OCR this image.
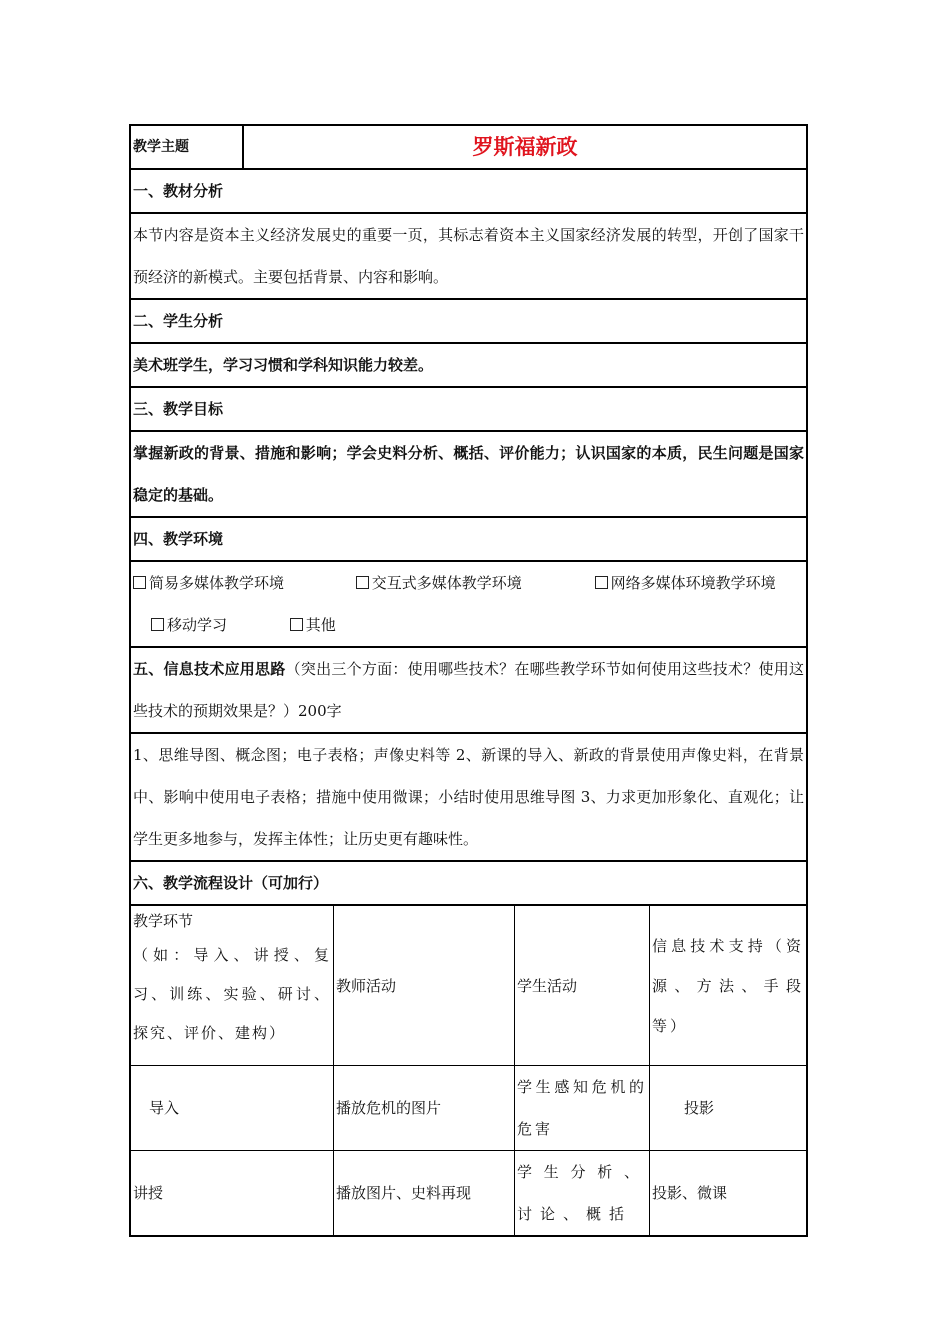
教学主题	罗斯福新政
一、教材分析
本节内容是资本主义经济发展史的重要一页，其标志着资本主义国家经济发展的转型，开创了国家干预经济的新模式。主要包括背景、内容和影响。
二、学生分析
美术班学生，学习习惯和学科知识能力较差。
三、教学目标
掌握新政的背景、措施和影响；学会史料分析、概括、评价能力；认识国家的本质，民生问题是国家稳定的基础。
四、教学环境

简易多媒体教学环境	交互式多媒体教学环境	网络多媒体环境教学环境
移动学习	其他

五、信息技术应用思路（突出三个方面：使用哪些技术？在哪些教学环节如何使用这些技术？使用这些技术的预期效果是？）200字
1、思维导图、概念图；电子表格；声像史料等 2、新课的导入、新政的背景使用声像史料，在背景中、影响中使用电子表格；措施中使用微课；小结时使用思维导图 3、力求更加形象化、直观化；让学生更多地参与，发挥主体性；让历史更有趣味性。
六、教学流程设计（可加行）

教学环节
（如：导入、讲授、复习、训练、实验、研讨、探究、评价、建构）
	教师活动	学生活动	信息技术支持（资源、方法、手段等）
导入	播放危机的图片	学生感知危机的危害	投影
讲授	播放图片、史料再现	学生分析、讨论、概括	投影、微课
